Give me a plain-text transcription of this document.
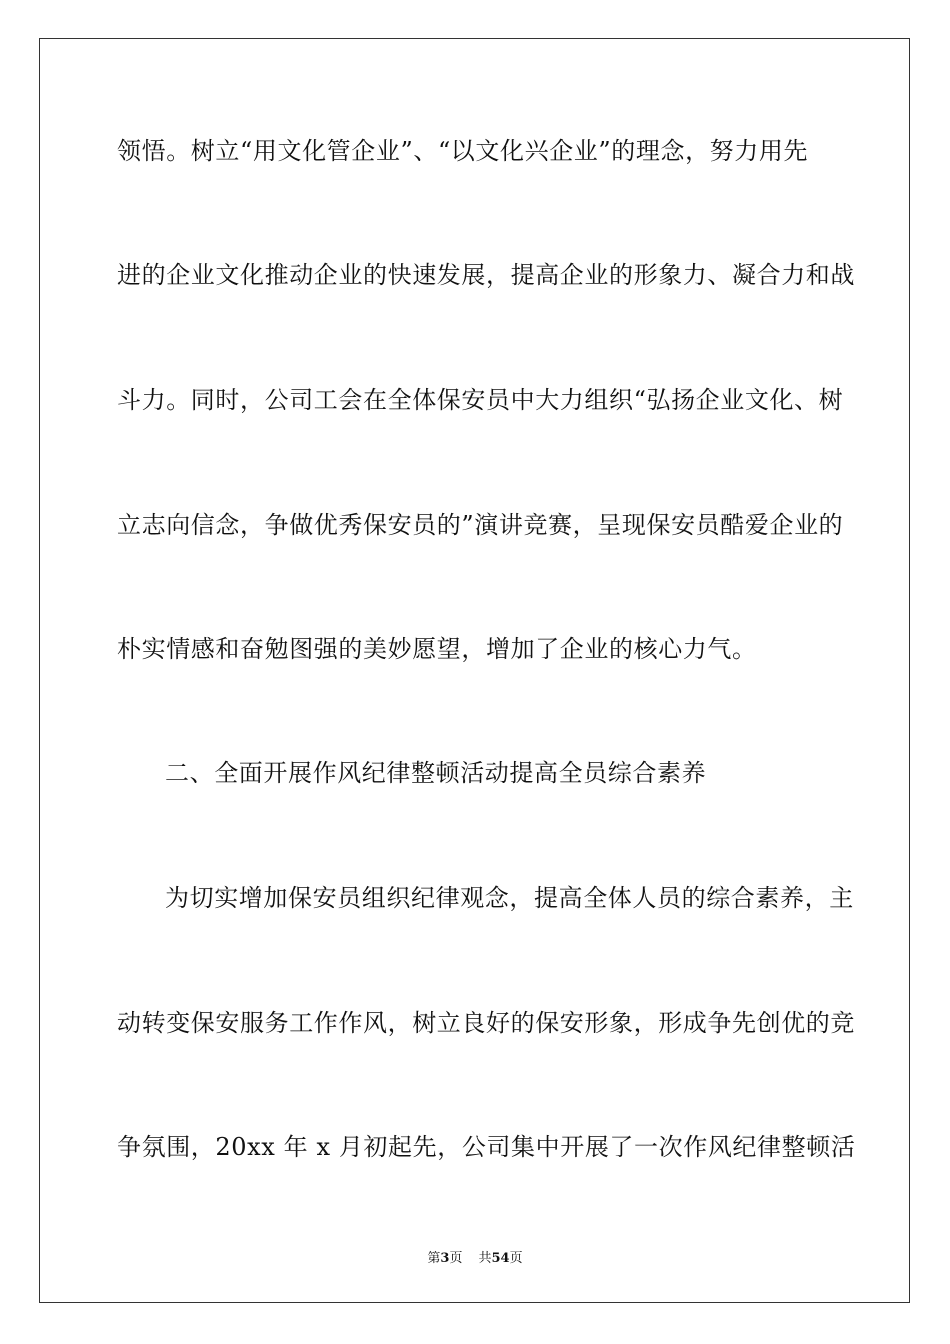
领悟。树立“用文化管企业”、“以文化兴企业”的理念，努力用先
进的企业文化推动企业的快速发展，提高企业的形象力、凝合力和战
斗力。同时，公司工会在全体保安员中大力组织“弘扬企业文化、树
立志向信念，争做优秀保安员的”演讲竞赛，呈现保安员酷爱企业的
朴实情感和奋勉图强的美妙愿望，增加了企业的核心力气。
二、全面开展作风纪律整顿活动提高全员综合素养
为切实增加保安员组织纪律观念，提高全体人员的综合素养，主
动转变保安服务工作作风，树立良好的保安形象，形成争先创优的竞
争氛围，20xx 年 x 月初起先，公司集中开展了一次作风纪律整顿活
第3页 共54页
